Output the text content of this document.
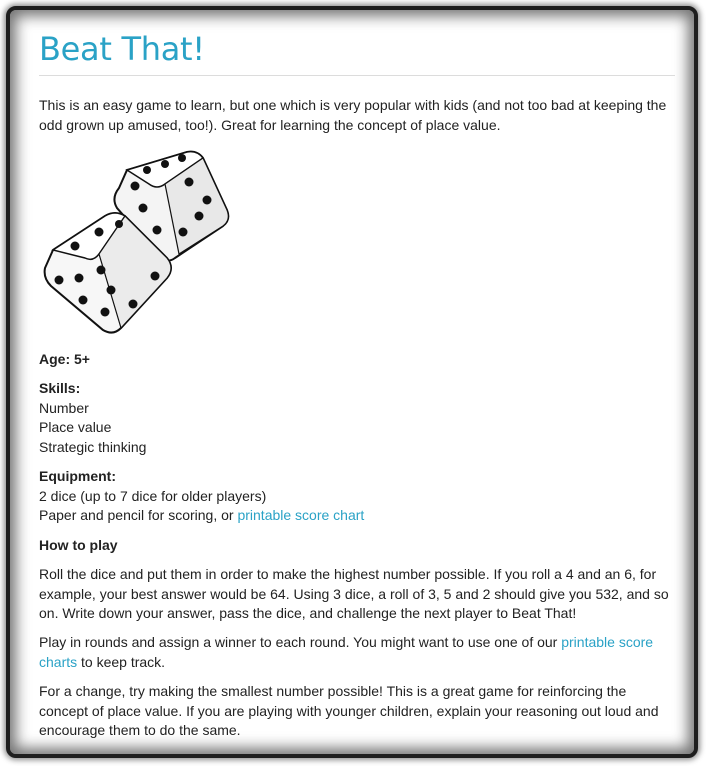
Beat That!

This is an easy game to learn, but one which is very popular with kids (and not too bad at keeping the odd grown up amused, too!). Great for learning the concept of place value.

Age: 5+

Skills:

Number

Place value

Strategic thinking

Equipment:

2 dice (up to 7 dice for older players)

Paper and pencil for scoring, or printable score chart

How to play

Roll the dice and put them in order to make the highest number possible. If you roll a 4 and an 6, for example, your best answer would be 64. Using 3 dice, a roll of 3, 5 and 2 should give you 532, and so on. Write down your answer, pass the dice, and challenge the next player to Beat That!

Play in rounds and assign a winner to each round. You might want to use one of our printable score charts to keep track.

For a change, try making the smallest number possible! This is a great game for reinforcing the concept of place value. If you are playing with younger children, explain your reasoning out loud and encourage them to do the same.
